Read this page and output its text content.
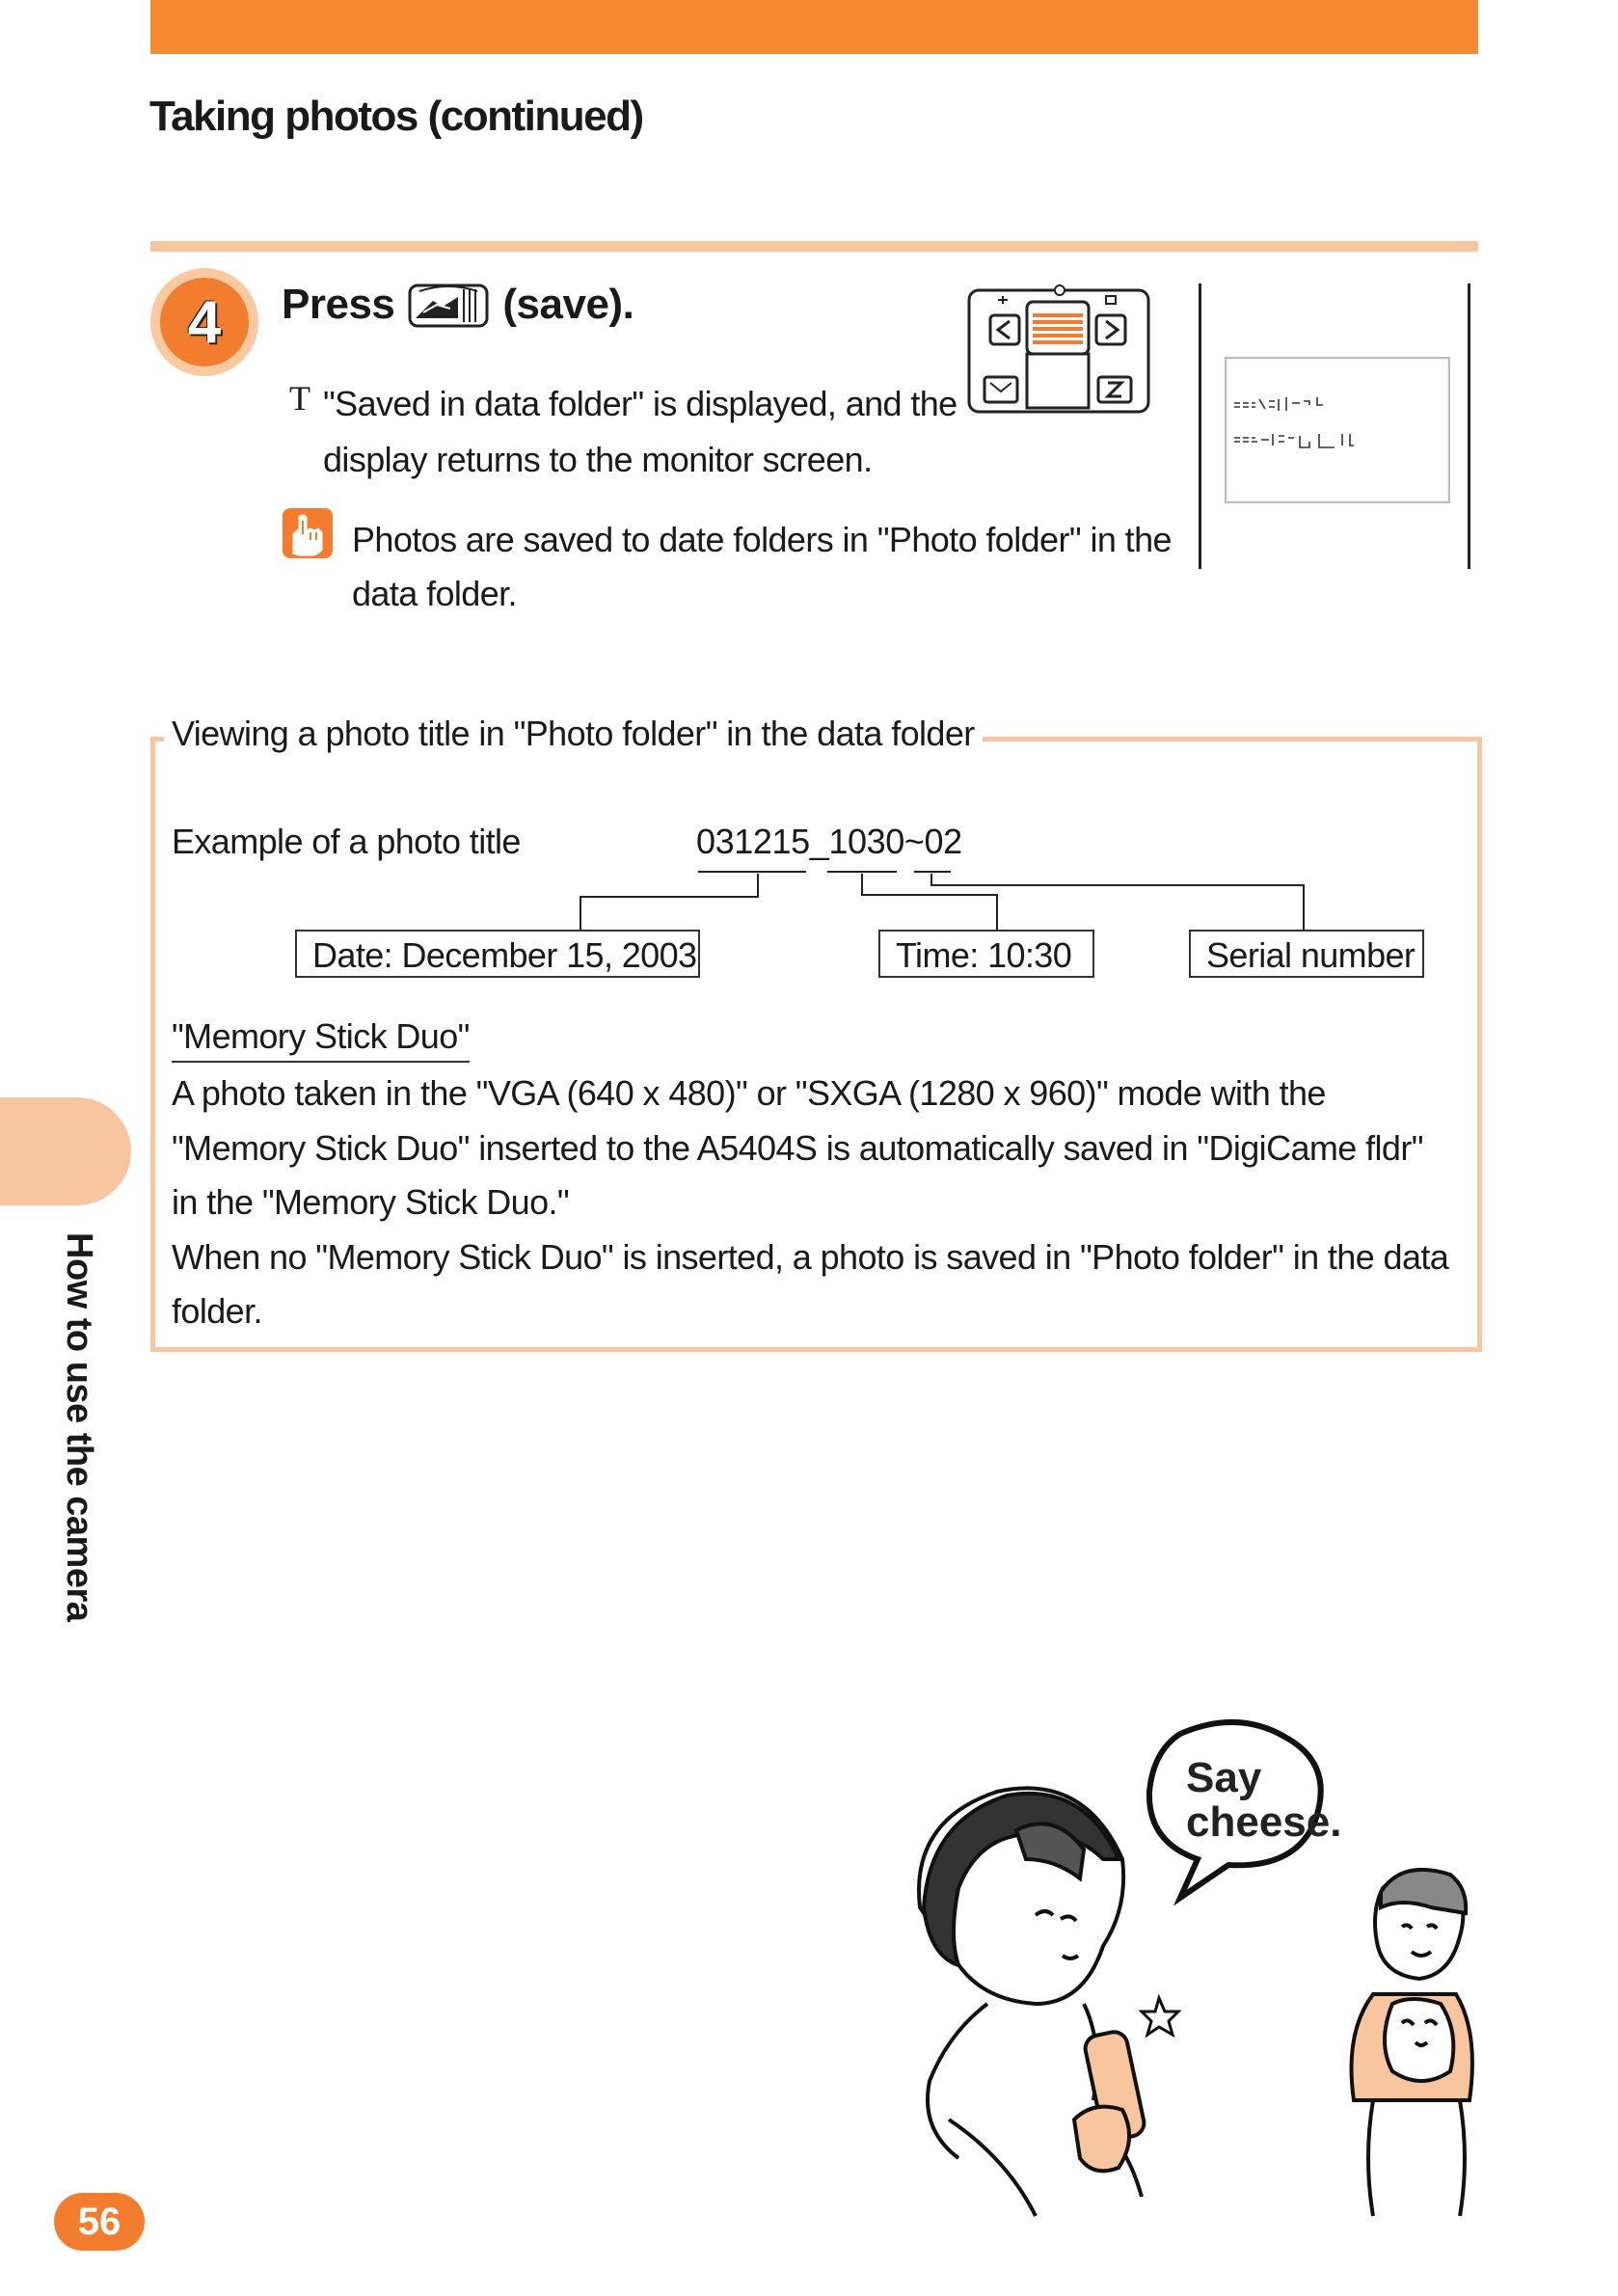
Taking photos (continued)
4	Press	(save).
T "Saved in data folder" is displayed, and the display returns to the monitor screen.
Photos are saved to date folders in "Photo folder" in the data folder.
Viewing a photo title in "Photo folder" in the data folder
Example of a photo title	031215_1030~02
Date: December 15, 2003	Time: 10:30	Serial number
"Memory Stick Duo"

A photo taken in the "VGA (640 x 480)" or "SXGA (1280 x 960)" mode with the "Memory Stick Duo" inserted to the A5404S is automatically saved in "DigiCame fldr" in the "Memory Stick Duo."

When no "Memory Stick Duo" is inserted, a photo is saved in "Photo folder" in the data folder.

How to use the camera
56
Say
cheese.
